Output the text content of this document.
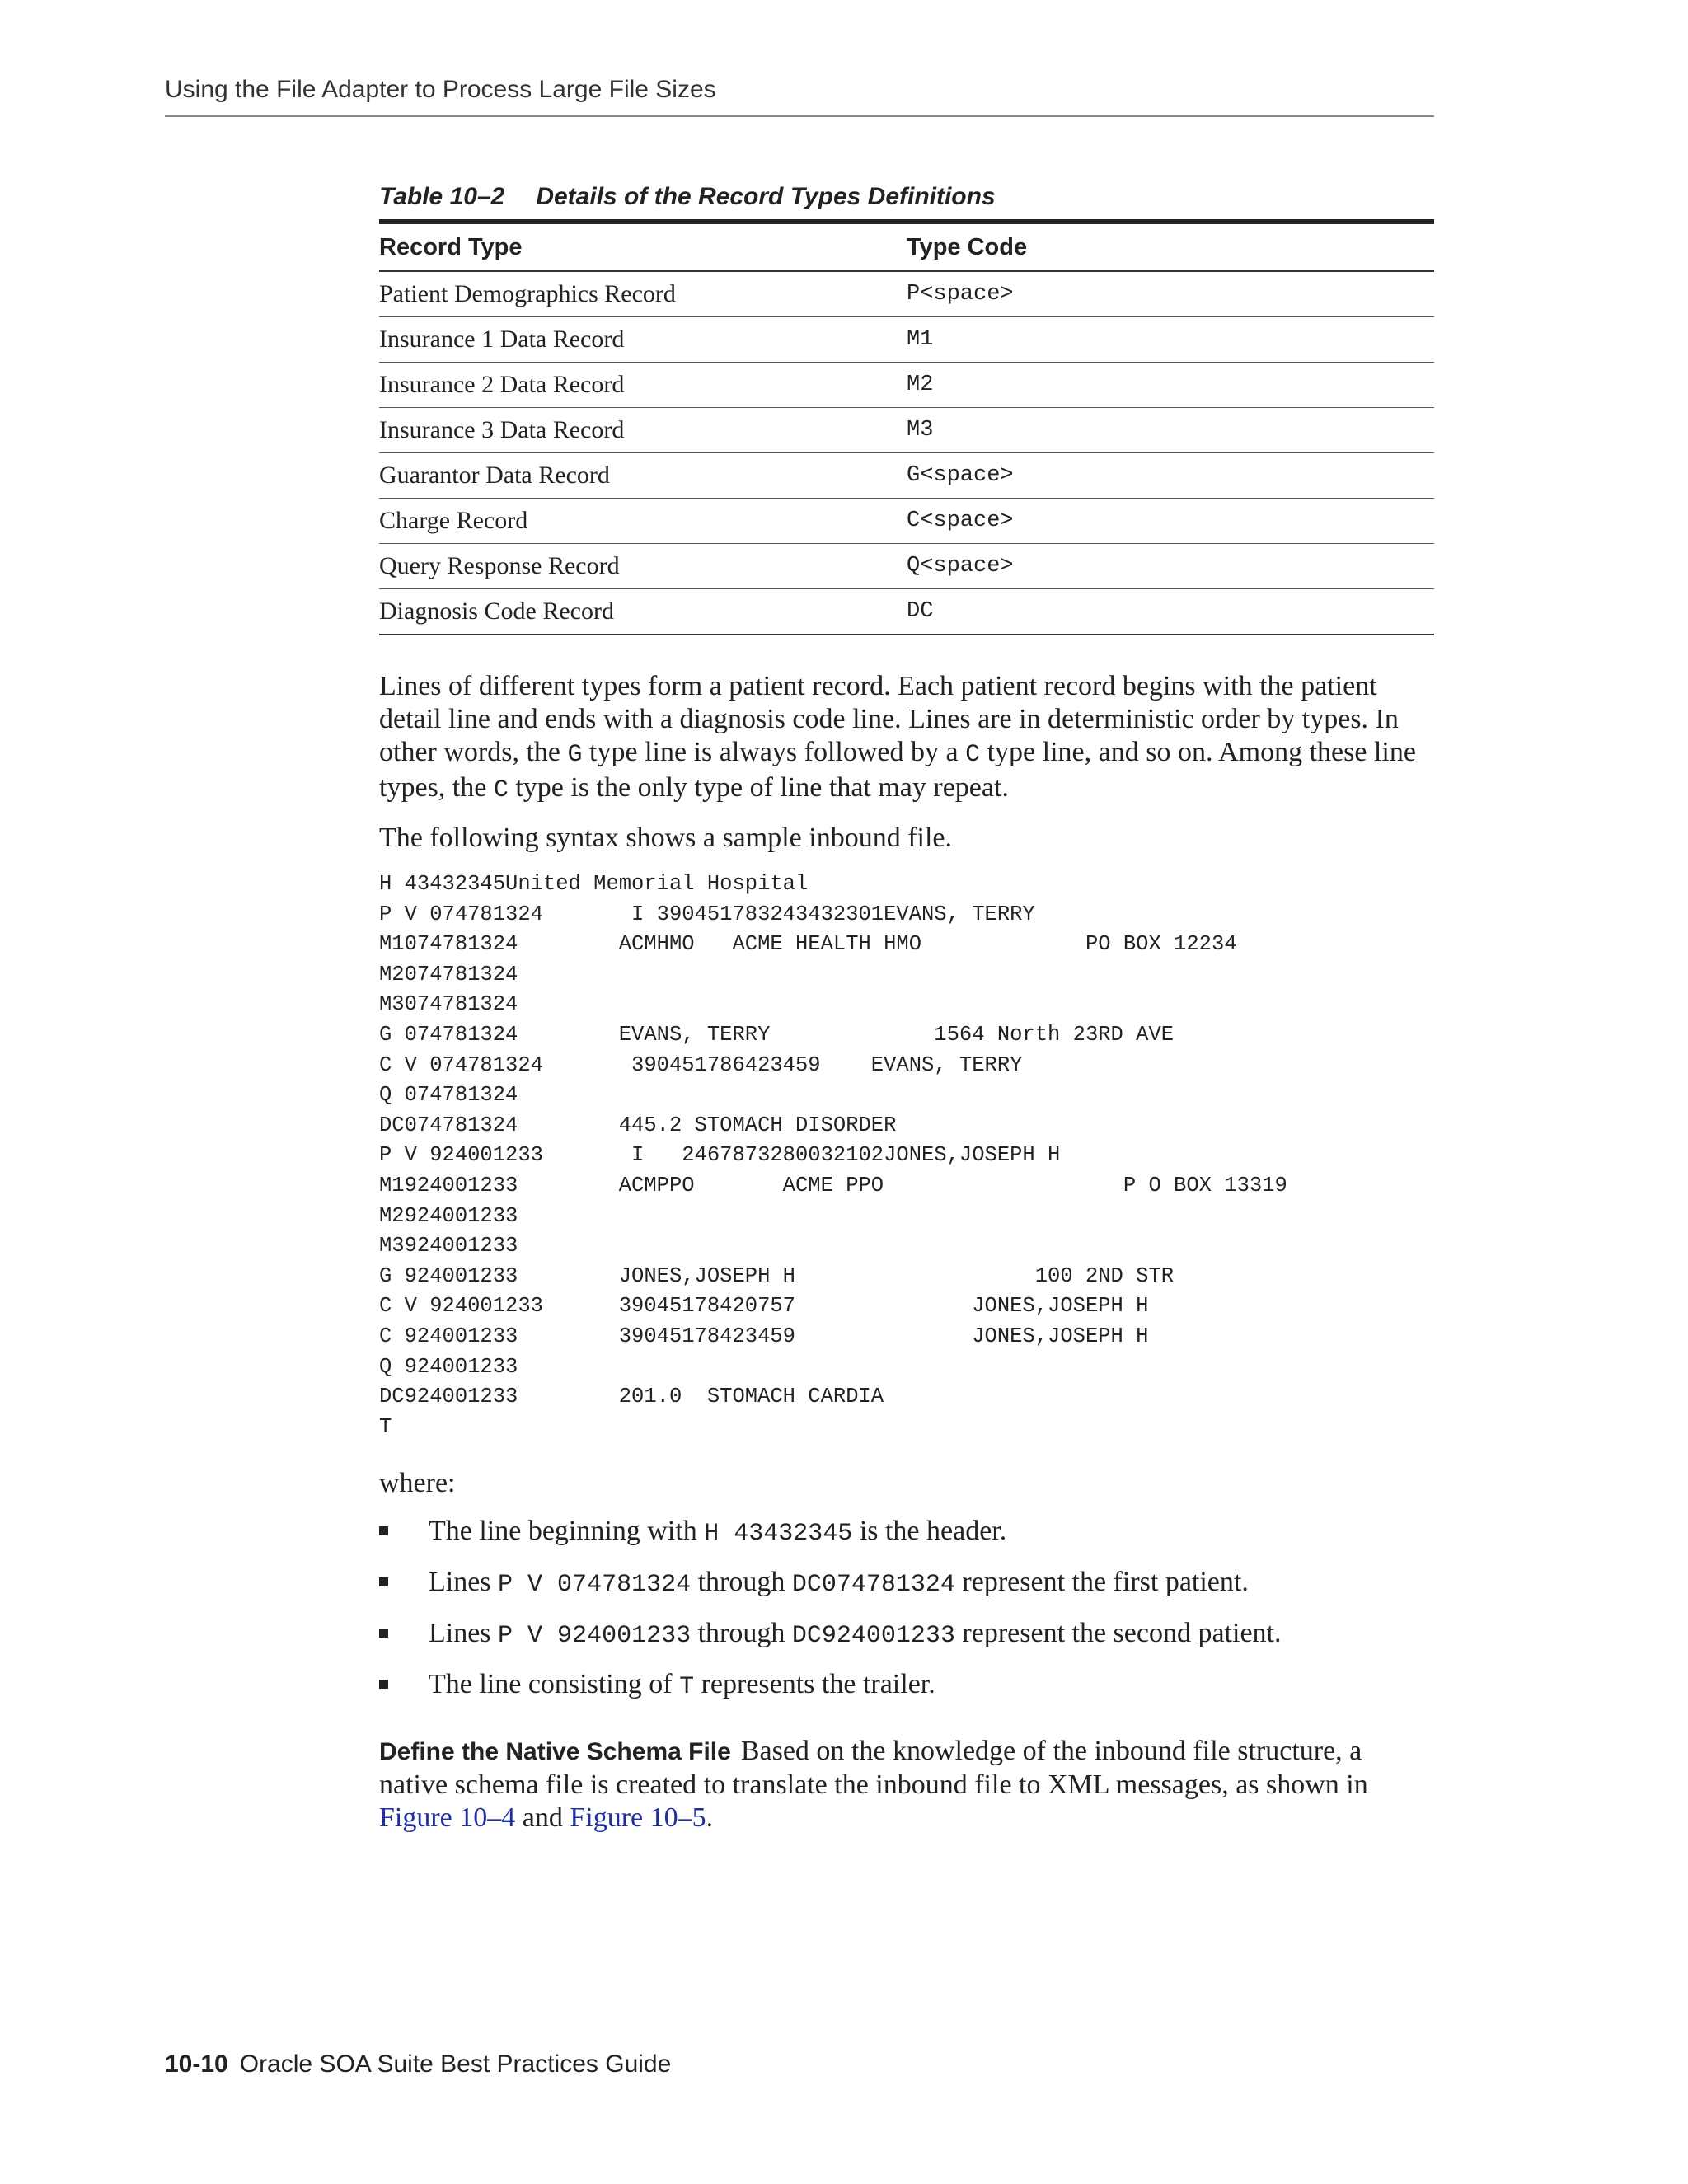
Using the File Adapter to Process Large File Sizes
Table 10–2 Details of the Record Types Definitions
Record Type	Type Code
Patient Demographics Record	P<space>
Insurance 1 Data Record	M1
Insurance 2 Data Record	M2
Insurance 3 Data Record	M3
Guarantor Data Record	G<space>
Charge Record	C<space>
Query Response Record	Q<space>
Diagnosis Code Record	DC

Lines of different types form a patient record. Each patient record begins with the patient detail line and ends with a diagnosis code line. Lines are in deterministic order by types. In other words, the G type line is always followed by a C type line, and so on. Among these line types, the C type is the only type of line that may repeat.

The following syntax shows a sample inbound file.

H 43432345United Memorial Hospital
P V 074781324       I 390451783243432301EVANS, TERRY
M1074781324        ACMHMO   ACME HEALTH HMO             PO BOX 12234
M2074781324
M3074781324
G 074781324        EVANS, TERRY             1564 North 23RD AVE
C V 074781324       390451786423459    EVANS, TERRY
Q 074781324
DC074781324        445.2 STOMACH DISORDER
P V 924001233       I   2467873280032102JONES,JOSEPH H
M1924001233        ACMPPO       ACME PPO                   P O BOX 13319
M2924001233
M3924001233
G 924001233        JONES,JOSEPH H                   100 2ND STR
C V 924001233      39045178420757              JONES,JOSEPH H
C 924001233        39045178423459              JONES,JOSEPH H
Q 924001233
DC924001233        201.0  STOMACH CARDIA
T

where:

The line beginning with H 43432345 is the header.
Lines P V 074781324 through DC074781324 represent the first patient.
Lines P V 924001233 through DC924001233 represent the second patient.
The line consisting of T represents the trailer.

Define the Native Schema File Based on the knowledge of the inbound file structure, a native schema file is created to translate the inbound file to XML messages, as shown in Figure 10–4 and Figure 10–5.

10-10 Oracle SOA Suite Best Practices Guide
